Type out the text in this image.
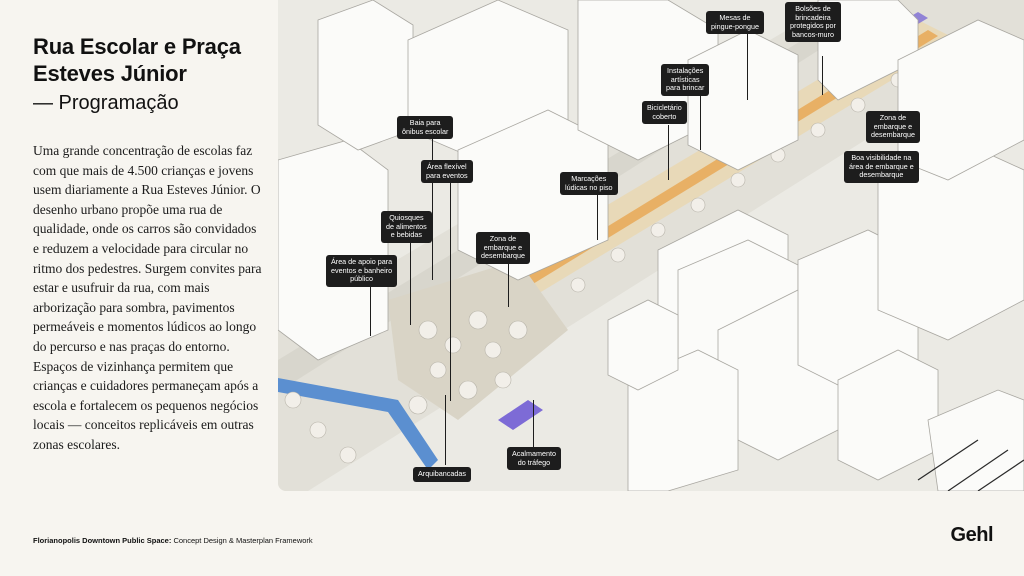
Rua Escolar e Praça Esteves Júnior
— Programação

Uma grande concentração de escolas faz com que mais de 4.500 crianças e jovens usem diariamente a Rua Esteves Júnior. O desenho urbano propõe uma rua de qualidade, onde os carros são convidados e reduzem a velocidade para circular no ritmo dos pedestres. Surgem convites para estar e usufruir da rua, com mais arborização para sombra, pavimentos permeáveis e momentos lúdicos ao longo do percurso e nas praças do entorno. Espaços de vizinhança permitem que crianças e cuidadores permaneçam após a escola e fortalecem os pequenos negócios locais — conceitos replicáveis em outras zonas escolares.

Mesas de
pingue-pongue
Bolsões de
brincadeira
protegidos por
bancos-muro
Instalações
artísticas
para brincar
Bicicletário
coberto
Baia para
ônibus escolar
Zona de
embarque e
desembarque
Área flexível
para eventos
Boa visibilidade na
área de embarque e
desembarque
Marcações
lúdicas no piso
Quiosques
de alimentos
e bebidas	Zona de
embarque e
desembarque
Área de apoio para
eventos e banheiro
público
Arquibancadas
Acalmamento
do tráfego
Florianopolis Downtown Public Space: Concept Design & Masterplan Framework	Gehl
